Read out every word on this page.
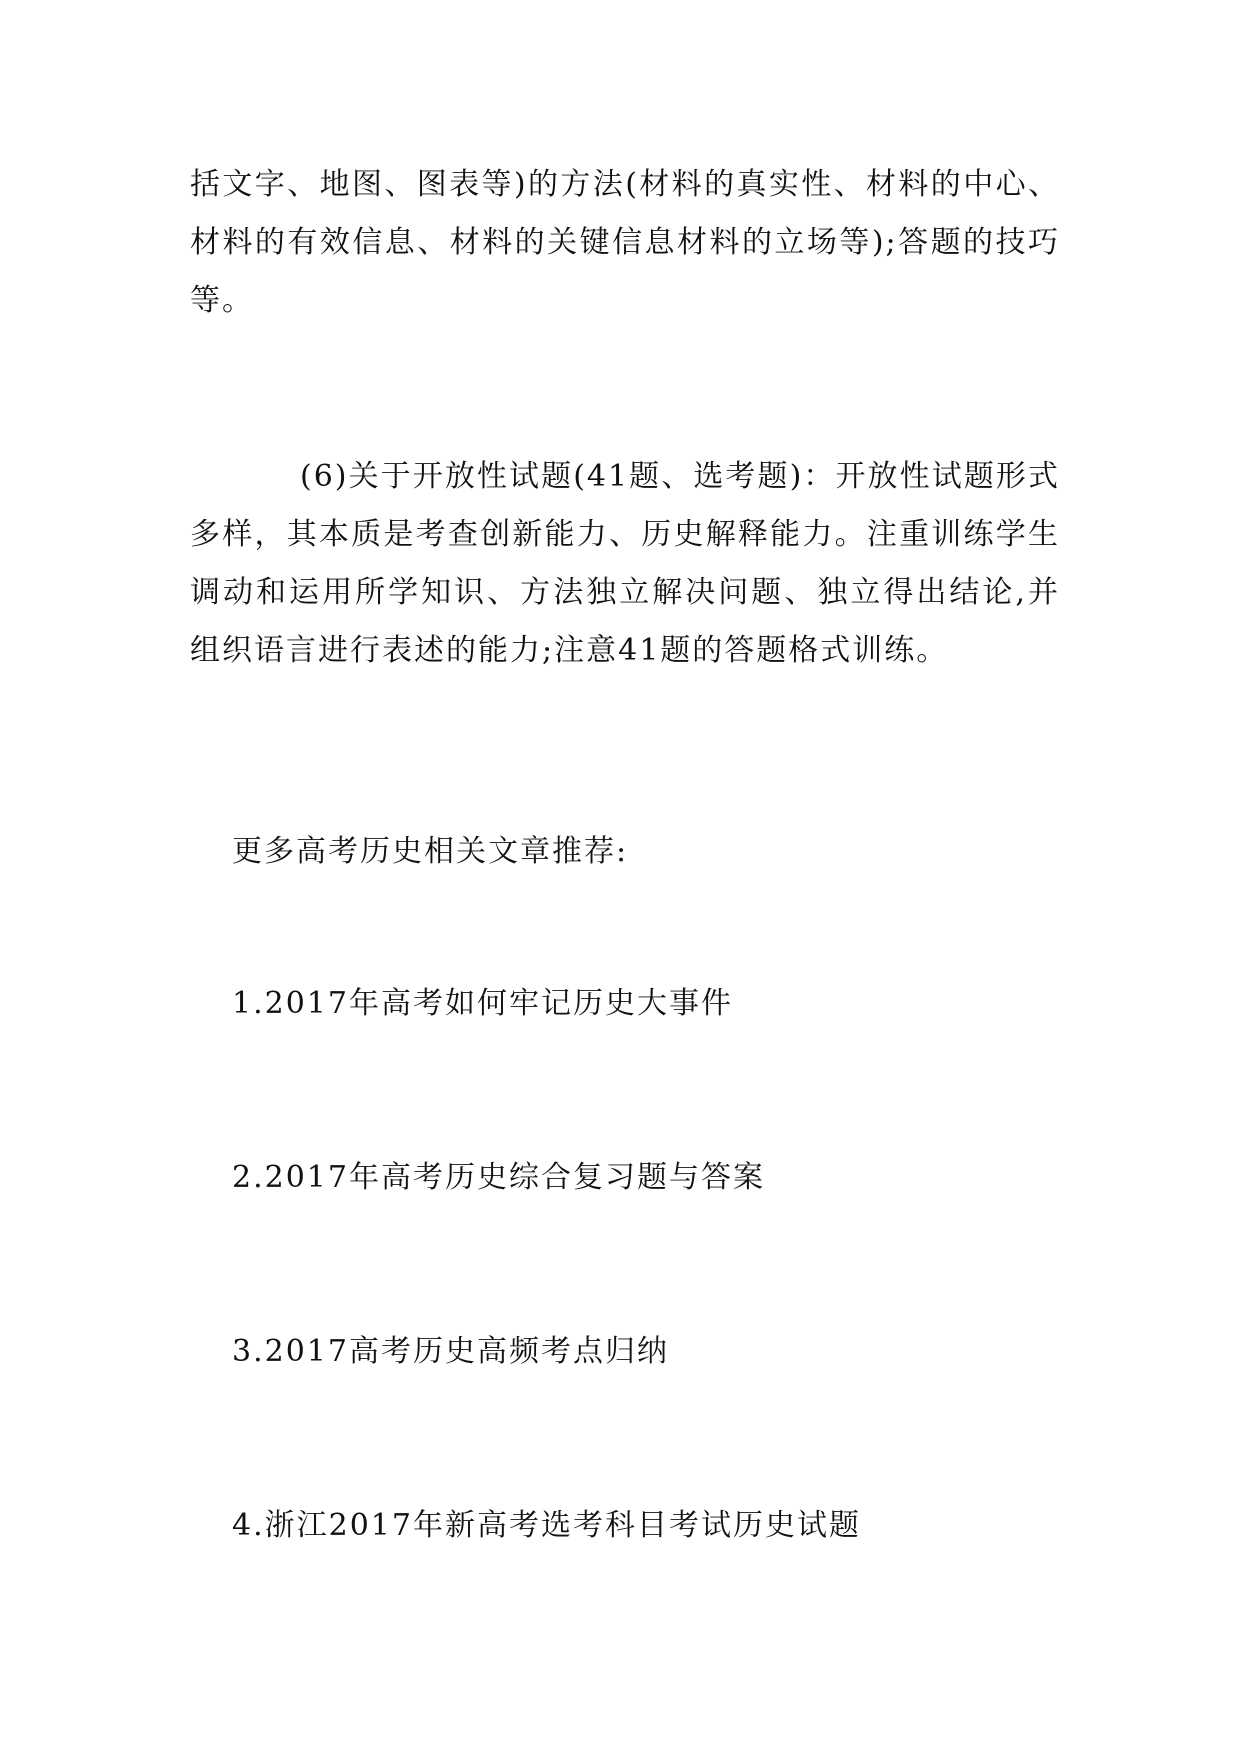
括文字、地图、图表等)的方法(材料的真实性、材料的中心、材料的有效信息、材料的关键信息材料的立场等);答题的技巧等。

(6)关于开放性试题(41题、选考题)：开放性试题形式多样，其本质是考查创新能力、历史解释能力。注重训练学生调动和运用所学知识、方法独立解决问题、独立得出结论,并组织语言进行表述的能力;注意41题的答题格式训练。

更多高考历史相关文章推荐:
1.2017年高考如何牢记历史大事件
2.2017年高考历史综合复习题与答案
3.2017高考历史高频考点归纳
4.浙江2017年新高考选考科目考试历史试题
